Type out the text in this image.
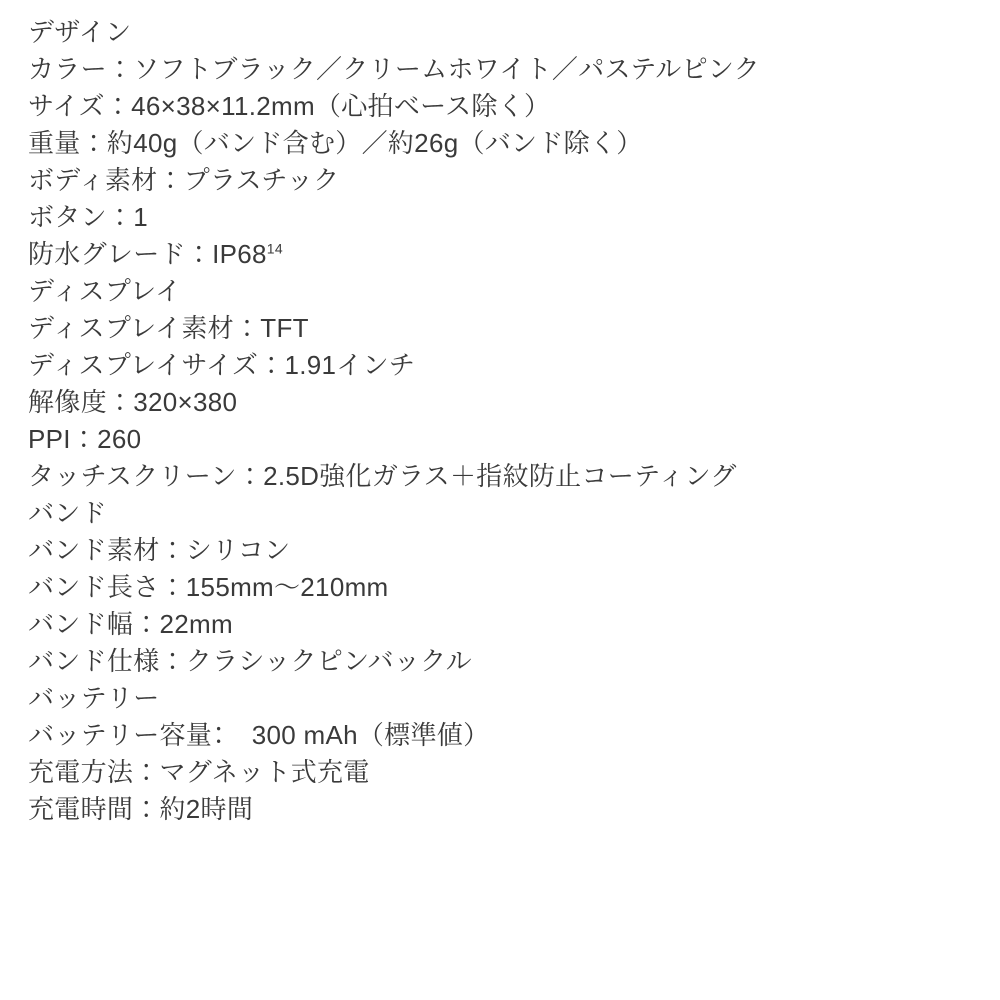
デザイン
カラー：ソフトブラック／クリームホワイト／パステルピンク
サイズ：46×38×11.2mm（心拍ベース除く）
重量：約40g（バンド含む）／約26g（バンド除く）
ボディ素材：プラスチック
ボタン：1
防水グレード：$IP68^{14}$
ディスプレイ
ディスプレイ素材：TFT
ディスプレイサイズ：1.91インチ
解像度：320×380
PPI：260
タッチスクリーン：2.5D強化ガラス＋指紋防止コーティング
バンド
バンド素材：シリコン
バンド長さ：155mm～210mm
バンド幅：22mm
バンド仕様：クラシックピンバックル
バッテリー
バッテリー容量：　300 mAh（標準値）
充電方法：マグネット式充電
充電時間：約2時間
